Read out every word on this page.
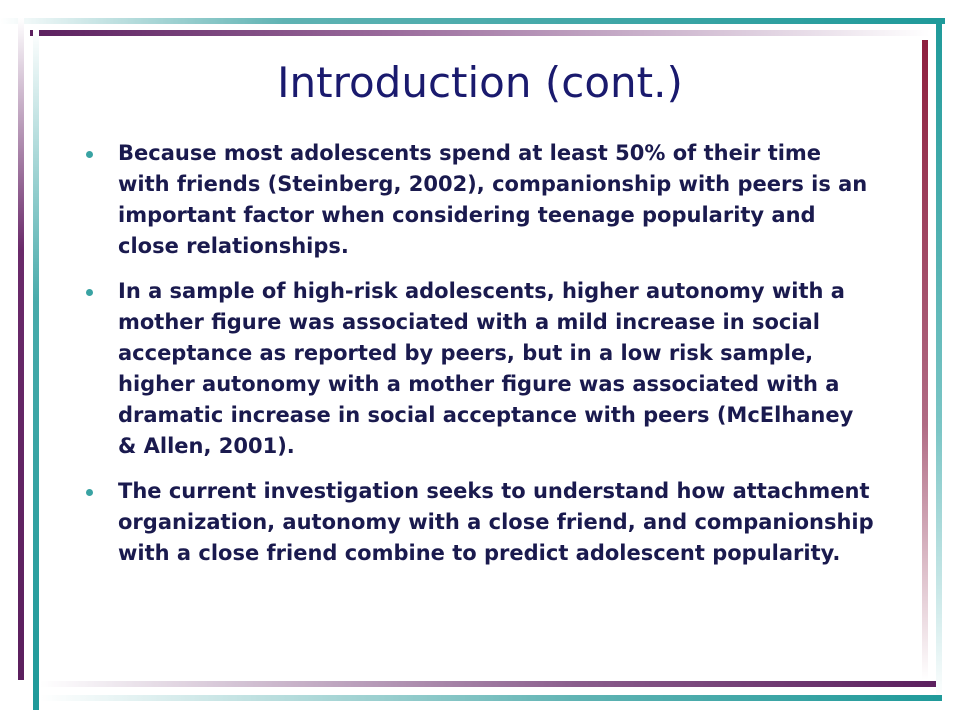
Introduction (cont.)
Because most adolescents spend at least 50% of their time with friends (Steinberg, 2002), companionship with peers is an important factor when considering teenage popularity and close relationships.
In a sample of high-risk adolescents, higher autonomy with a mother figure was associated with a mild increase in social acceptance as reported by peers, but in a low risk sample, higher autonomy with a mother figure was associated with a dramatic increase in social acceptance with peers (McElhaney & Allen, 2001).
The current investigation seeks to understand how attachment organization, autonomy with a close friend, and companionship with a close friend combine to predict adolescent popularity.
